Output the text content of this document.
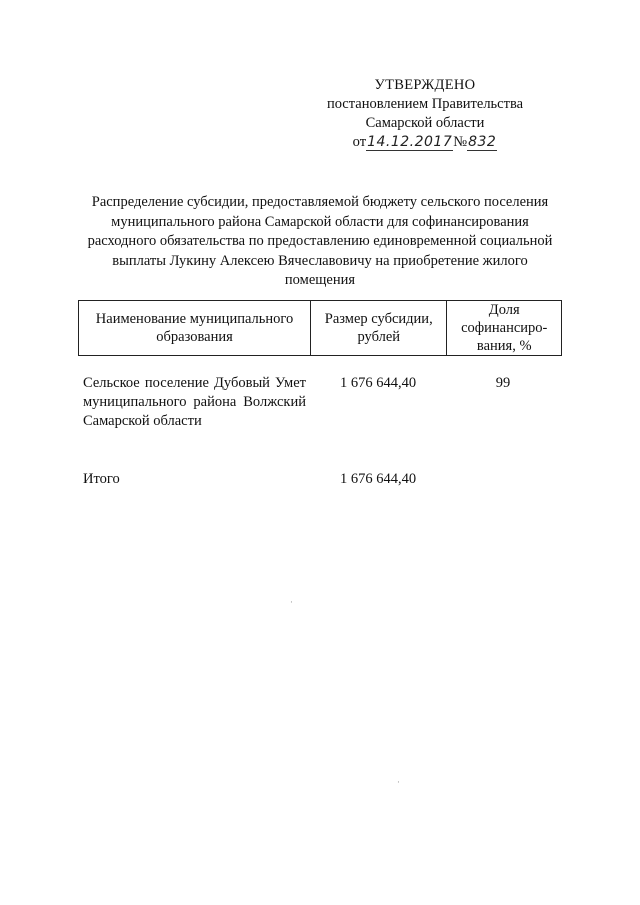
УТВЕРЖДЕНО
постановлением Правительства
Самарской области
от14.12.2017№832
Распределение субсидии, предоставляемой бюджету сельского поселения муниципального района Самарской области для софинансирования расходного обязательства по предоставлению единовременной социальной выплаты Лукину Алексею Вячеславовичу на приобретение жилого помещения
Наименование муниципального образования
Размер субсидии, рублей
Доля софинансиро-вания, %
Сельское поселение Дубовый Умет муниципального района Волжский Самарской области
1 676 644,40	99
Итого	1 676 644,40
·
·
